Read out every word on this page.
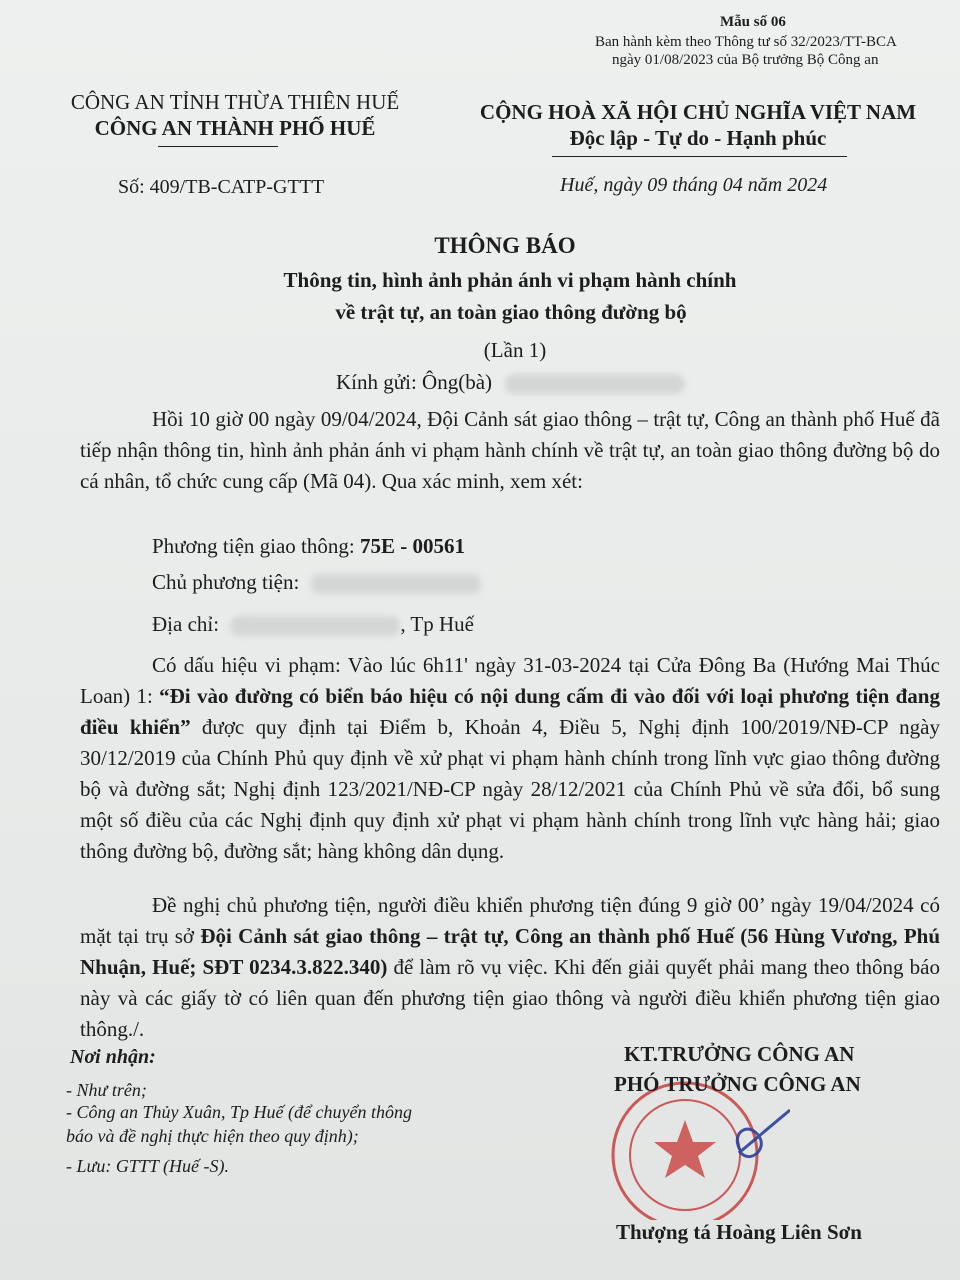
Mẫu số 06
Ban hành kèm theo Thông tư số 32/2023/TT-BCA
ngày 01/08/2023 của Bộ trưởng Bộ Công an
CÔNG AN TỈNH THỪA THIÊN HUẾ
CÔNG AN THÀNH PHỐ HUẾ
Số: 409/TB-CATP-GTTT
CỘNG HOÀ XÃ HỘI CHỦ NGHĨA VIỆT NAM
Độc lập - Tự do - Hạnh phúc
Huế, ngày 09 tháng 04 năm 2024
THÔNG BÁO
Thông tin, hình ảnh phản ánh vi phạm hành chính
về trật tự, an toàn giao thông đường bộ
(Lần 1)
Kính gửi: Ông(bà)
Hồi 10 giờ 00 ngày 09/04/2024, Đội Cảnh sát giao thông – trật tự, Công an thành phố Huế đã tiếp nhận thông tin, hình ảnh phản ánh vi phạm hành chính về trật tự, an toàn giao thông đường bộ do cá nhân, tổ chức cung cấp (Mã 04). Qua xác minh, xem xét:
Phương tiện giao thông: 75E - 00561
Chủ phương tiện:
Địa chỉ:	, Tp Huế
Có dấu hiệu vi phạm: Vào lúc 6h11' ngày 31-03-2024 tại Cửa Đông Ba (Hướng Mai Thúc Loan) 1: “Đi vào đường có biển báo hiệu có nội dung cấm đi vào đối với loại phương tiện đang điều khiển” được quy định tại Điểm b, Khoản 4, Điều 5, Nghị định 100/2019/NĐ-CP ngày 30/12/2019 của Chính Phủ quy định về xử phạt vi phạm hành chính trong lĩnh vực giao thông đường bộ và đường sắt; Nghị định 123/2021/NĐ-CP ngày 28/12/2021 của Chính Phủ về sửa đổi, bổ sung một số điều của các Nghị định quy định xử phạt vi phạm hành chính trong lĩnh vực hàng hải; giao thông đường bộ, đường sắt; hàng không dân dụng.
Đề nghị chủ phương tiện, người điều khiển phương tiện đúng 9 giờ 00’ ngày 19/04/2024 có mặt tại trụ sở Đội Cảnh sát giao thông – trật tự, Công an thành phố Huế (56 Hùng Vương, Phú Nhuận, Huế; SĐT 0234.3.822.340) để làm rõ vụ việc. Khi đến giải quyết phải mang theo thông báo này và các giấy tờ có liên quan đến phương tiện giao thông và người điều khiển phương tiện giao thông./.
Nơi nhận:
- Như trên;
- Công an Thủy Xuân, Tp Huế (để chuyển thông
báo và đề nghị thực hiện theo quy định);
- Lưu: GTTT (Huế -S).
KT.TRƯỞNG CÔNG AN
PHÓ TRƯỞNG CÔNG AN
Thượng tá Hoàng Liên Sơn
